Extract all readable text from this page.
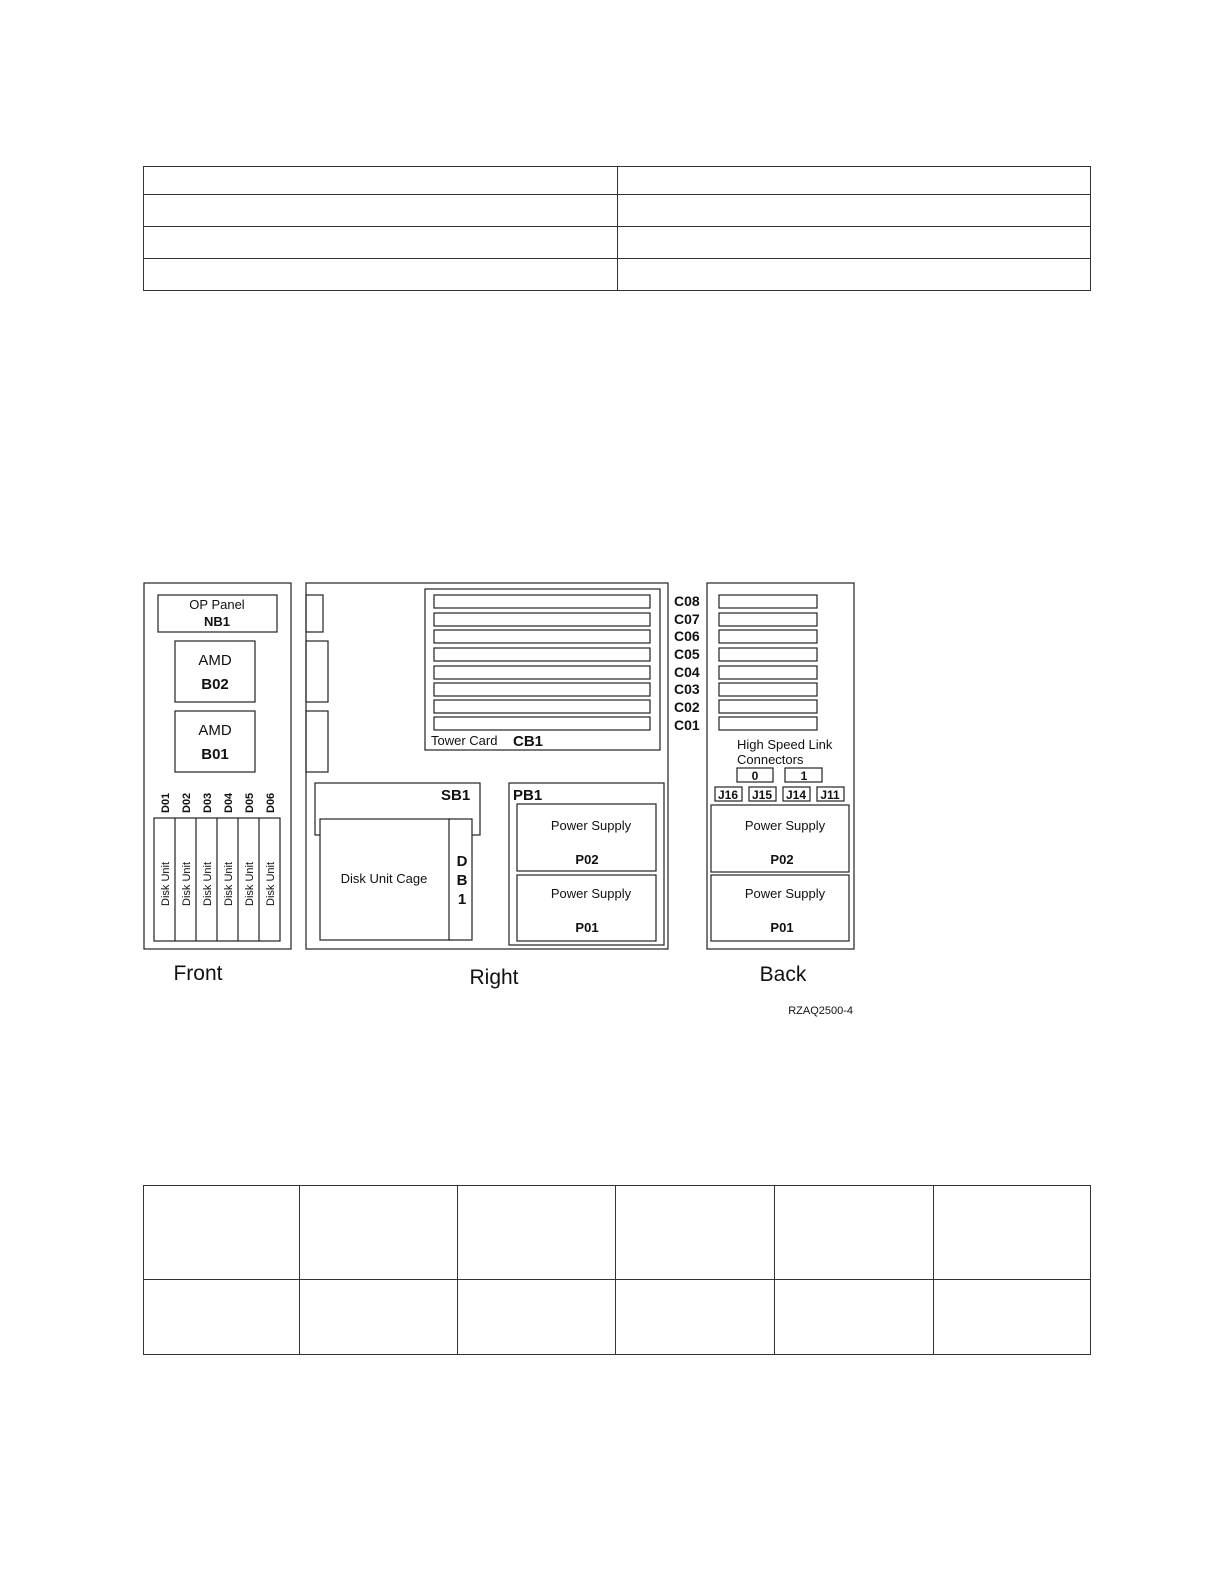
OP Panel
NB1
AMD
B02
AMD
B01
D01 D02 D03 D04 D05 D06
Disk Unit Disk Unit Disk Unit Disk Unit Disk Unit Disk Unit
Front
Tower Card CB1
SB1
Disk Unit Cage
D
B
1
PB1
Power Supply
P02
Power Supply
P01
C08
C07
C06
C05
C04
C03
C02
C01
Right
High Speed Link
Connectors
0	1
J16 J15 J14 J11
Power Supply
P02
Power Supply
P01
Back
RZAQ2500-4
